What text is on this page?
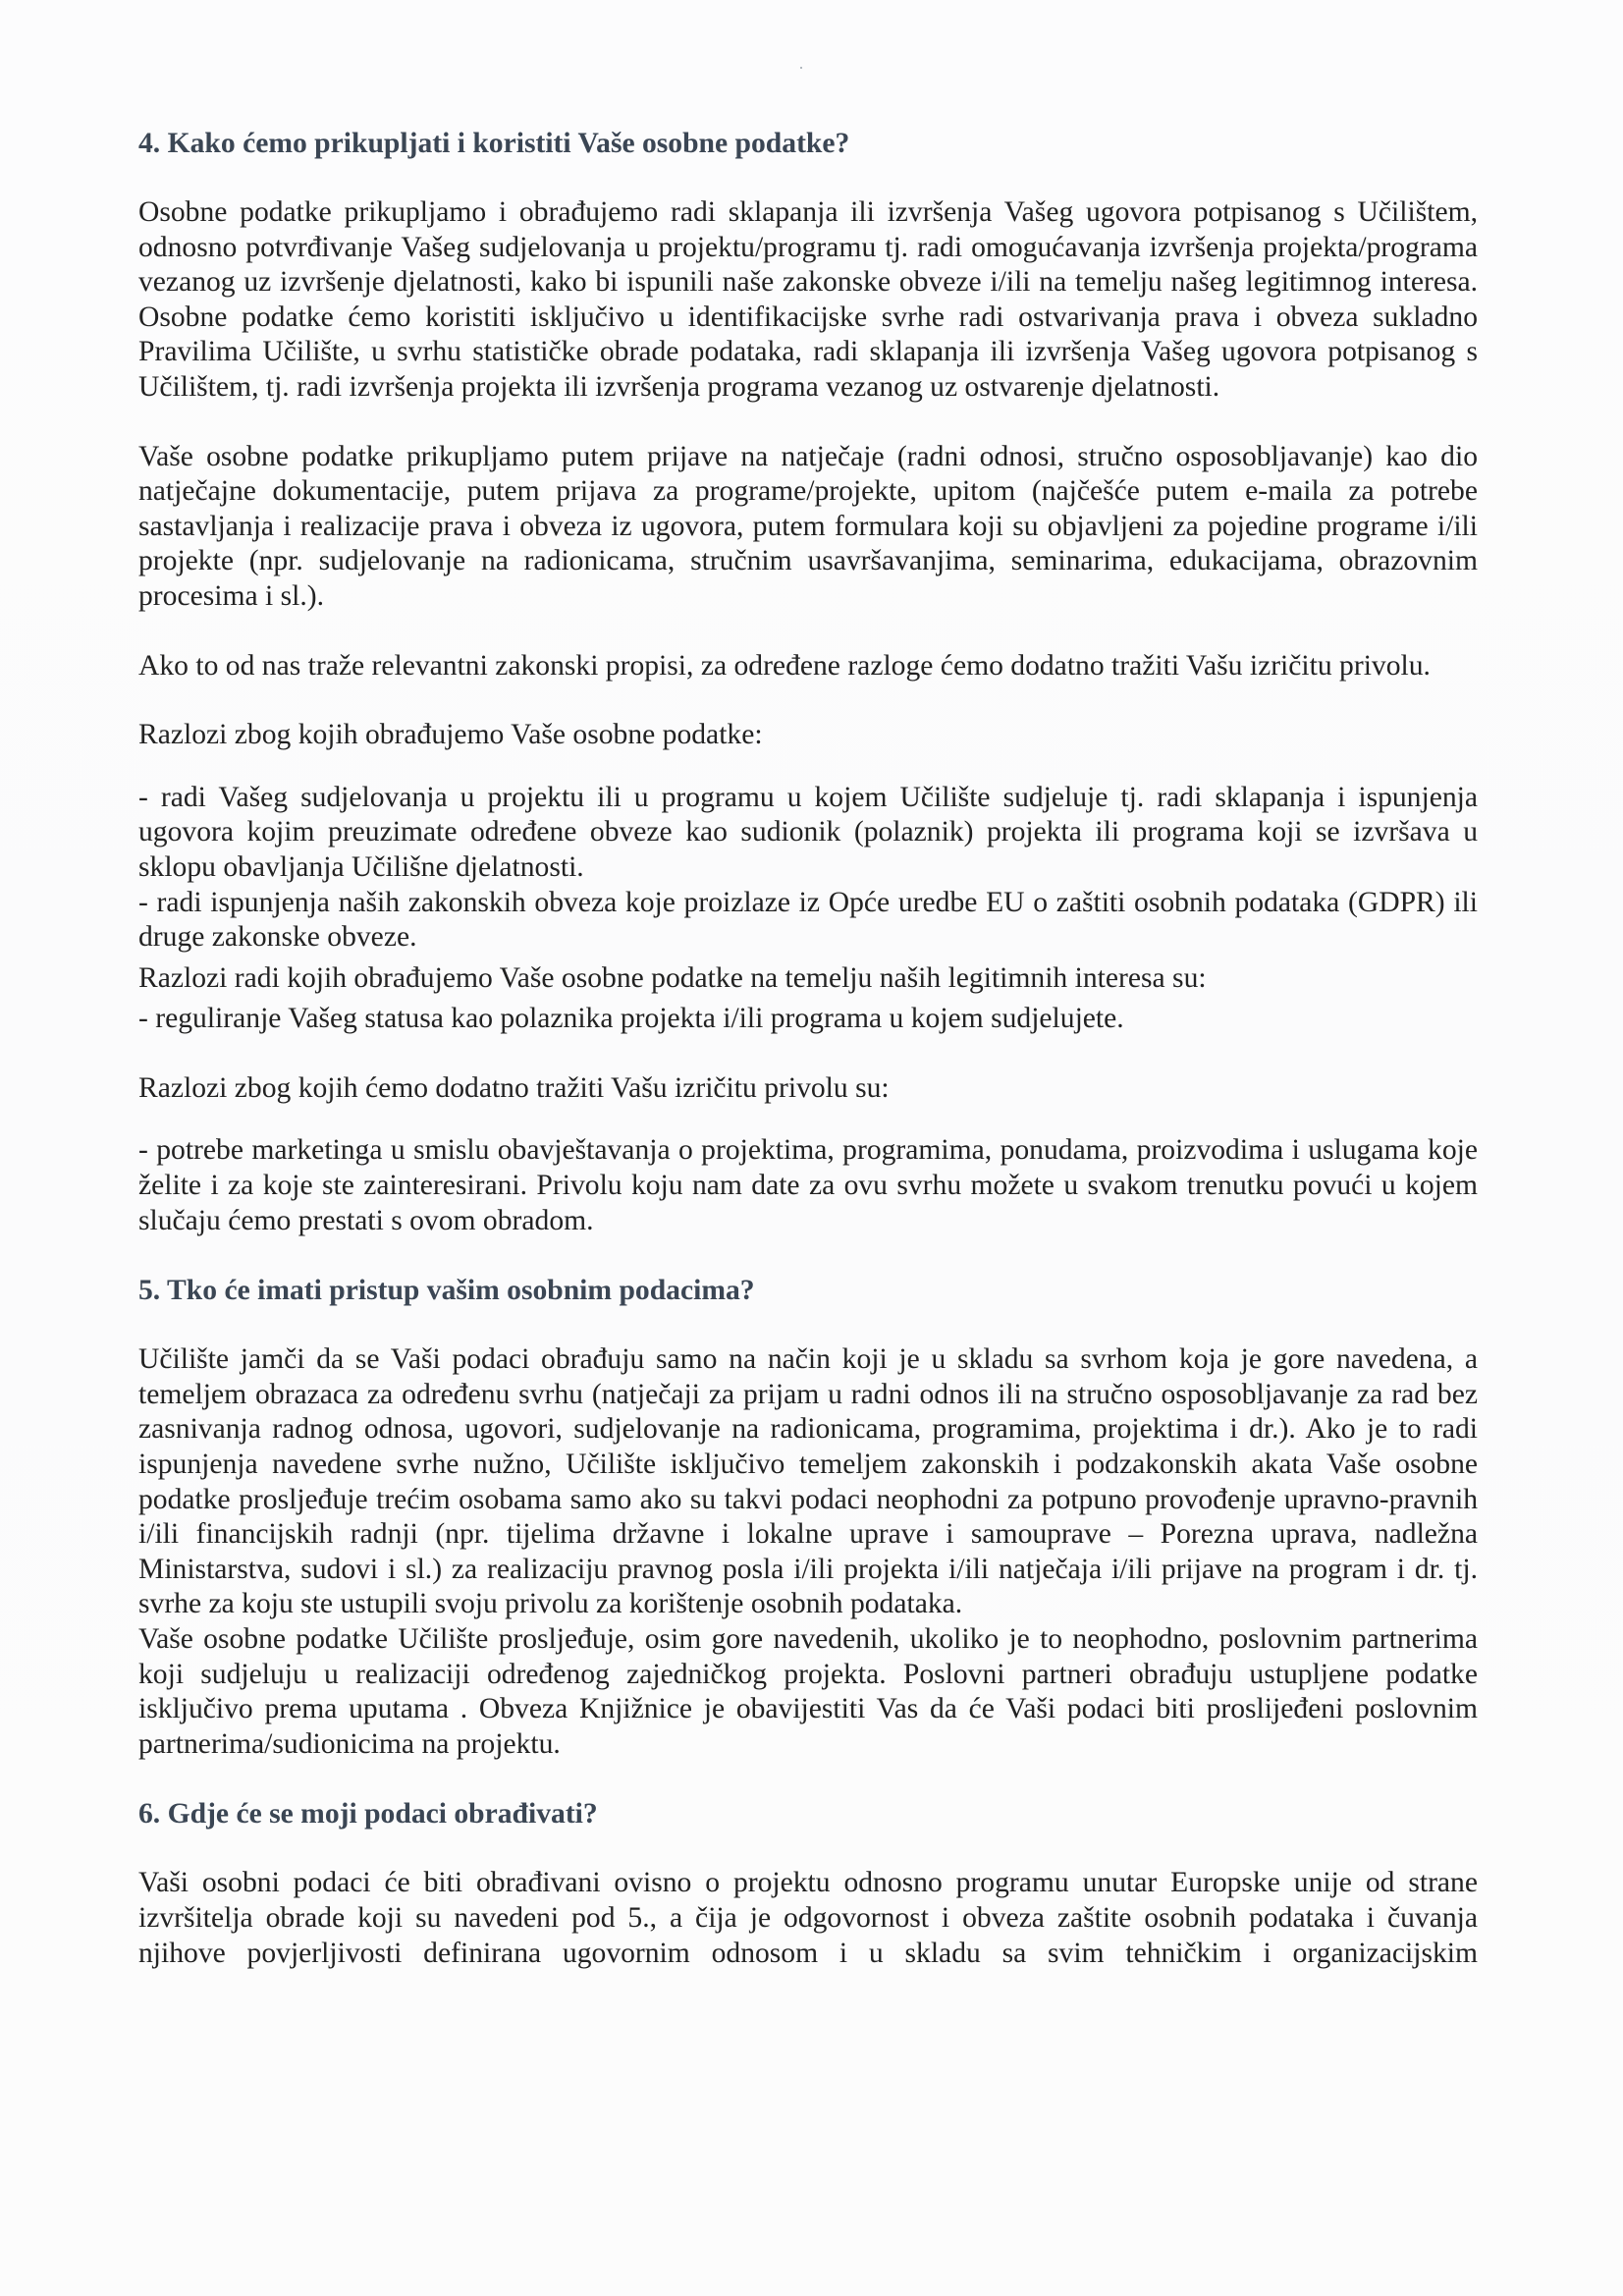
4. Kako ćemo prikupljati i koristiti Vaše osobne podatke?

Osobne podatke prikupljamo i obrađujemo radi sklapanja ili izvršenja Vašeg ugovora potpisanog s Učilištem, odnosno potvrđivanje Vašeg sudjelovanja u projektu/programu tj. radi omogućavanja izvršenja projekta/programa vezanog uz izvršenje djelatnosti, kako bi ispunili naše zakonske obveze i/ili na temelju našeg legitimnog interesa. Osobne podatke ćemo koristiti isključivo u identifikacijske svrhe radi ostvarivanja prava i obveza sukladno Pravilima Učilište, u svrhu statističke obrade podataka, radi sklapanja ili izvršenja Vašeg ugovora potpisanog s Učilištem, tj. radi izvršenja projekta ili izvršenja programa vezanog uz ostvarenje djelatnosti.

Vaše osobne podatke prikupljamo putem prijave na natječaje (radni odnosi, stručno osposobljavanje) kao dio natječajne dokumentacije, putem prijava za programe/projekte, upitom (najčešće putem e-maila za potrebe sastavljanja i realizacije prava i obveza iz ugovora, putem formulara koji su objavljeni za pojedine programe i/ili projekte (npr. sudjelovanje na radionicama, stručnim usavršavanjima, seminarima, edukacijama, obrazovnim procesima i sl.).

Ako to od nas traže relevantni zakonski propisi, za određene razloge ćemo dodatno tražiti Vašu izričitu privolu.

Razlozi zbog kojih obrađujemo Vaše osobne podatke:

- radi Vašeg sudjelovanja u projektu ili u programu u kojem Učilište sudjeluje tj. radi sklapanja i ispunjenja ugovora kojim preuzimate određene obveze kao sudionik (polaznik) projekta ili programa koji se izvršava u sklopu obavljanja Učilišne djelatnosti.

- radi ispunjenja naših zakonskih obveza koje proizlaze iz Opće uredbe EU o zaštiti osobnih podataka (GDPR) ili druge zakonske obveze.

Razlozi radi kojih obrađujemo Vaše osobne podatke na temelju naših legitimnih interesa su:

- reguliranje Vašeg statusa kao polaznika projekta i/ili programa u kojem sudjelujete.

Razlozi zbog kojih ćemo dodatno tražiti Vašu izričitu privolu su:

- potrebe marketinga u smislu obavještavanja o projektima, programima, ponudama, proizvodima i uslugama koje želite i za koje ste zainteresirani. Privolu koju nam date za ovu svrhu možete u svakom trenutku povući u kojem slučaju ćemo prestati s ovom obradom.

5. Tko će imati pristup vašim osobnim podacima?

Učilište jamči da se Vaši podaci obrađuju samo na način koji je u skladu sa svrhom koja je gore navedena, a temeljem obrazaca za određenu svrhu (natječaji za prijam u radni odnos ili na stručno osposobljavanje za rad bez zasnivanja radnog odnosa, ugovori, sudjelovanje na radionicama, programima, projektima i dr.). Ako je to radi ispunjenja navedene svrhe nužno, Učilište isključivo temeljem zakonskih i podzakonskih akata Vaše osobne podatke prosljeđuje trećim osobama samo ako su takvi podaci neophodni za potpuno provođenje upravno-pravnih i/ili financijskih radnji (npr. tijelima državne i lokalne uprave i samouprave – Porezna uprava, nadležna Ministarstva, sudovi i sl.) za realizaciju pravnog posla i/ili projekta i/ili natječaja i/ili prijave na program i dr. tj. svrhe za koju ste ustupili svoju privolu za korištenje osobnih podataka.

Vaše osobne podatke Učilište prosljeđuje, osim gore navedenih, ukoliko je to neophodno, poslovnim partnerima koji sudjeluju u realizaciji određenog zajedničkog projekta. Poslovni partneri obrađuju ustupljene podatke isključivo prema uputama . Obveza Knjižnice je obavijestiti Vas da će Vaši podaci biti proslijeđeni poslovnim partnerima/sudionicima na projektu.

6. Gdje će se moji podaci obrađivati?

Vaši osobni podaci će biti obrađivani ovisno o projektu odnosno programu unutar Europske unije od strane izvršitelja obrade koji su navedeni pod 5., a čija je odgovornost i obveza zaštite osobnih podataka i čuvanja njihove povjerljivosti definirana ugovornim odnosom i u skladu sa svim tehničkim i organizacijskim
